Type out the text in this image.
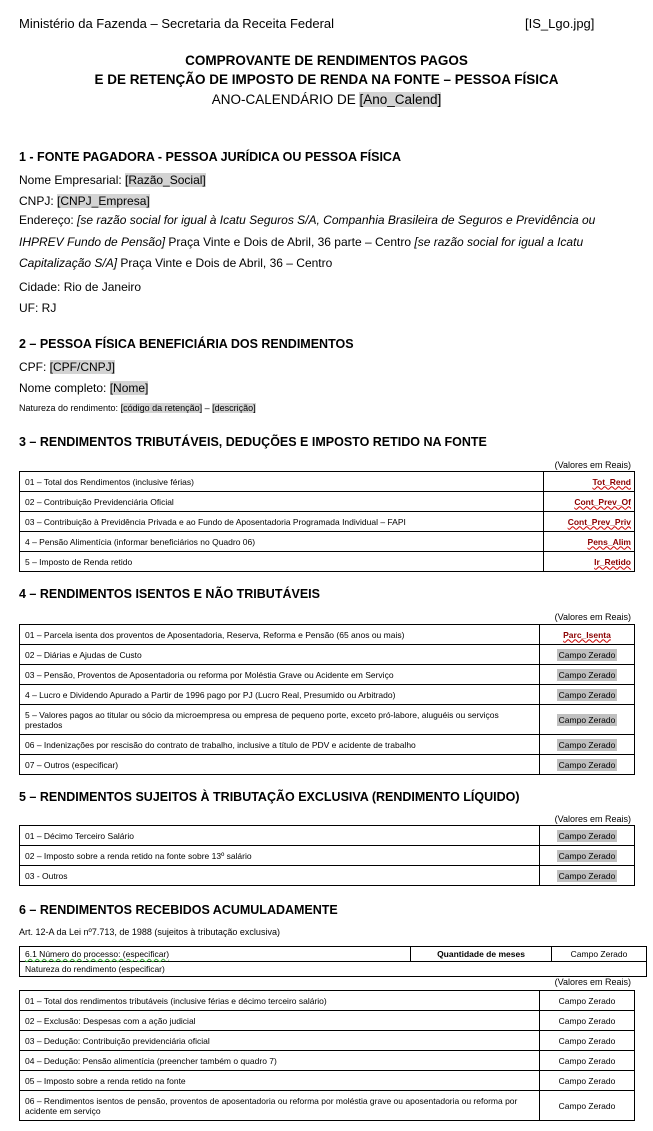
Ministério da Fazenda – Secretaria da Receita Federal	[IS_Lgo.jpg]
COMPROVANTE DE RENDIMENTOS PAGOS
E DE RETENÇÃO DE IMPOSTO DE RENDA NA FONTE – PESSOA FÍSICA
ANO-CALENDÁRIO DE [Ano_Calend]
1 - FONTE PAGADORA - PESSOA JURÍDICA OU PESSOA FÍSICA
Nome Empresarial: [Razão_Social]
CNPJ: [CNPJ_Empresa]
Endereço: [se razão social for igual à Icatu Seguros S/A, Companhia Brasileira de Seguros e Previdência ou IHPREV Fundo de Pensão] Praça Vinte e Dois de Abril, 36 parte – Centro [se razão social for igual a Icatu Capitalização S/A] Praça Vinte e Dois de Abril, 36 – Centro
Cidade: Rio de Janeiro
UF: RJ
2 – PESSOA FÍSICA BENEFICIÁRIA DOS RENDIMENTOS
CPF: [CPF/CNPJ]
Nome completo: [Nome]
Natureza do rendimento: [código da retenção] – [descrição]
3 – RENDIMENTOS TRIBUTÁVEIS, DEDUÇÕES E IMPOSTO RETIDO NA FONTE
(Valores em Reais)
01 – Total dos Rendimentos (inclusive férias)	Tot_Rend
02 – Contribuição Previdenciária Oficial	Cont_Prev_Of
03 – Contribuição à Previdência Privada e ao Fundo de Aposentadoria Programada Individual – FAPI	Cont_Prev_Priv
4 – Pensão Alimentícia (informar beneficiários no Quadro 06)	Pens_Alim
5 – Imposto de Renda retido	Ir_Retido
4 – RENDIMENTOS ISENTOS E NÃO TRIBUTÁVEIS
(Valores em Reais)
01 – Parcela isenta dos proventos de Aposentadoria, Reserva, Reforma e Pensão (65 anos ou mais)	Parc_Isenta
02 – Diárias e Ajudas de Custo	Campo Zerado
03 – Pensão, Proventos de Aposentadoria ou reforma por Moléstia Grave ou Acidente em Serviço	Campo Zerado
4 – Lucro e Dividendo Apurado a Partir de 1996 pago por PJ (Lucro Real, Presumido ou Arbitrado)	Campo Zerado
5 – Valores pagos ao titular ou sócio da microempresa ou empresa de pequeno porte, exceto pró-labore, aluguéis ou serviços prestados	Campo Zerado
06 – Indenizações por rescisão do contrato de trabalho, inclusive a título de PDV e acidente de trabalho	Campo Zerado
07 – Outros (especificar)	Campo Zerado
5 – RENDIMENTOS SUJEITOS À TRIBUTAÇÃO EXCLUSIVA (RENDIMENTO LÍQUIDO)
(Valores em Reais)
01 – Décimo Terceiro Salário	Campo Zerado
02 – Imposto sobre a renda retido na fonte sobre 13º salário	Campo Zerado
03 - Outros	Campo Zerado
6 – RENDIMENTOS RECEBIDOS ACUMULADAMENTE
Art. 12-A da Lei nº7.713, de 1988 (sujeitos à tributação exclusiva)
6.1 Número do processo: (especificar)	Quantidade de meses	Campo Zerado
Natureza do rendimento (especificar)
(Valores em Reais)
01 – Total dos rendimentos tributáveis (inclusive férias e décimo terceiro salário)	Campo Zerado
02 – Exclusão: Despesas com a ação judicial	Campo Zerado
03 – Dedução: Contribuição previdenciária oficial	Campo Zerado
04 – Dedução: Pensão alimentícia (preencher também o quadro 7)	Campo Zerado
05 – Imposto sobre a renda retido na fonte	Campo Zerado
06 – Rendimentos isentos de pensão, proventos de aposentadoria ou reforma por moléstia grave ou aposentadoria ou reforma por acidente em serviço	Campo Zerado
